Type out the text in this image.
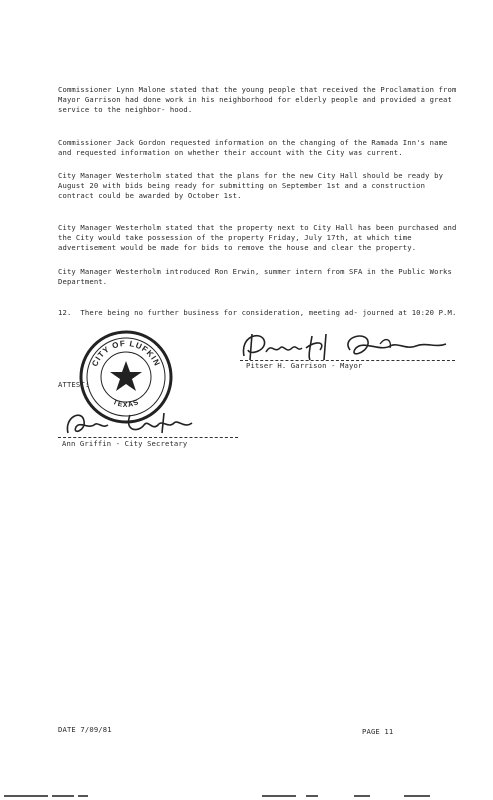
Commissioner Lynn Malone stated that the young people that received the Proclamation from Mayor Garrison had done work in his neighborhood for elderly people and provided a great service to the neighbor- hood.

Commissioner Jack Gordon requested information on the changing of the Ramada Inn's name and requested information on whether their account with the City was current.

City Manager Westerholm stated that the plans for the new City Hall should be ready by August 20 with bids being ready for submitting on September 1st and a construction contract could be awarded by October 1st.

City Manager Westerholm stated that the property next to City Hall has been purchased and the City would take possession of the property Friday, July 17th, at which time advertisement would be made for bids to remove the house and clear the property.

City Manager Westerholm introduced Ron Erwin, summer intern from SFA in the Public Works Department.

12.  There being no further business for consideration, meeting ad- journed at 10:20 P.M.

Pitser H. Garrison - Mayor
CITY OF LUFKIN
TEXAS
ATTEST:
Ann Griffin - City Secretary
DATE 7/09/81	PAGE 11
